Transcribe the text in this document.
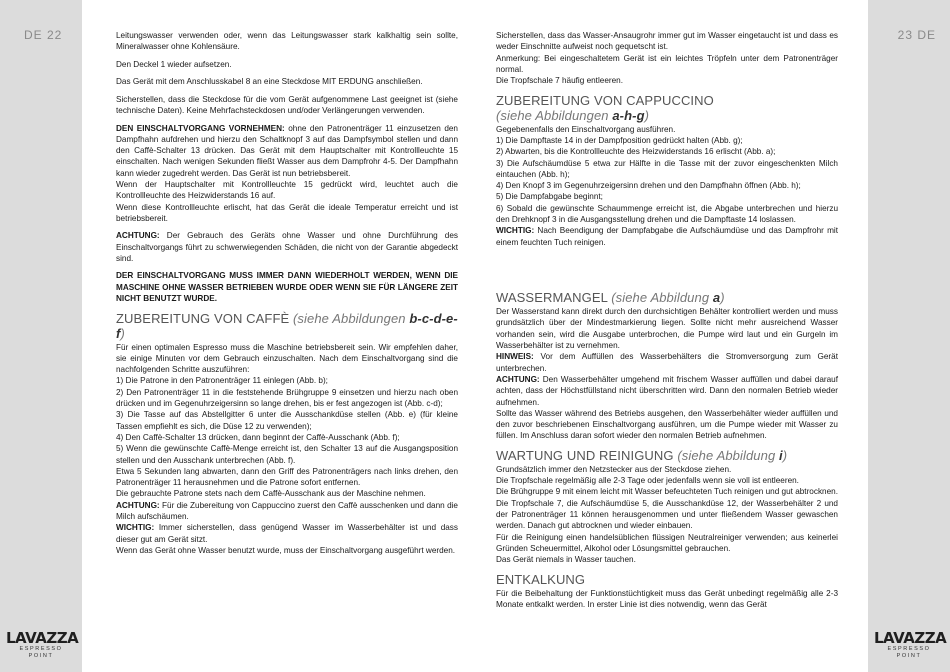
DE 22	23 DE
LAVAZZA
ESPRESSO POINT
LAVAZZA
ESPRESSO POINT

Leitungswasser verwenden oder, wenn das Leitungswasser stark kalkhaltig sein sollte, Mineralwasser ohne Kohlensäure.

Den Deckel 1 wieder aufsetzen.

Das Gerät mit dem Anschlusskabel 8 an eine Steckdose MIT ERDUNG anschließen.

Sicherstellen, dass die Steckdose für die vom Gerät aufgenommene Last geeignet ist (siehe technische Daten). Keine Mehrfachsteckdosen und/oder Verlängerungen verwenden.

DEN EINSCHALTVORGANG VORNEHMEN: ohne den Patronenträger 11 einzusetzen den Dampfhahn aufdrehen und hierzu den Schaltknopf 3 auf das Dampfsymbol stellen und dann den Caffè-Schalter 13 drücken. Das Gerät mit dem Hauptschalter mit Kontrollleuchte 15 einschalten. Nach wenigen Sekunden fließt Wasser aus dem Dampfrohr 4-5. Der Dampfhahn kann wieder zugedreht werden. Das Gerät ist nun betriebsbereit.

Wenn der Hauptschalter mit Kontrollleuchte 15 gedrückt wird, leuchtet auch die Kontrollleuchte des Heizwiderstands 16 auf.

Wenn diese Kontrollleuchte erlischt, hat das Gerät die ideale Temperatur erreicht und ist betriebsbereit.

ACHTUNG: Der Gebrauch des Geräts ohne Wasser und ohne Durchführung des Einschaltvorgangs führt zu schwerwiegenden Schäden, die nicht von der Garantie abgedeckt sind.

DER EINSCHALTVORGANG MUSS IMMER DANN WIEDERHOLT WERDEN, WENN DIE MASCHINE OHNE WASSER BETRIEBEN WURDE ODER WENN SIE FÜR LÄNGERE ZEIT NICHT BENUTZT WURDE.

ZUBEREITUNG VON CAFFÈ (siehe Abbildungen b-c-d-e-f)

Für einen optimalen Espresso muss die Maschine betriebsbereit sein. Wir empfehlen daher, sie einige Minuten vor dem Gebrauch einzuschalten. Nach dem Einschaltvorgang sind die nachfolgenden Schritte auszuführen:

1) Die Patrone in den Patronenträger 11 einlegen (Abb. b);

2) Den Patronenträger 11 in die feststehende Brühgruppe 9 einsetzen und hierzu nach oben drücken und im Gegenuhrzeigersinn so lange drehen, bis er fest angezogen ist (Abb. c-d);

3) Die Tasse auf das Abstellgitter 6 unter die Ausschankdüse stellen (Abb. e) (für kleine Tassen empfiehlt es sich, die Düse 12 zu verwenden);

4) Den Caffè-Schalter 13 drücken, dann beginnt der Caffè-Ausschank (Abb. f);

5) Wenn die gewünschte Caffè-Menge erreicht ist, den Schalter 13 auf die Ausgangsposition stellen und den Ausschank unterbrechen (Abb. f).

Etwa 5 Sekunden lang abwarten, dann den Griff des Patronenträgers nach links drehen, den Patronenträger 11 herausnehmen und die Patrone sofort entfernen.

Die gebrauchte Patrone stets nach dem Caffè-Ausschank aus der Maschine nehmen.

ACHTUNG: Für die Zubereitung von Cappuccino zuerst den Caffè ausschenken und dann die Milch aufschäumen.

WICHTIG: Immer sicherstellen, dass genügend Wasser im Wasserbehälter ist und dass dieser gut am Gerät sitzt.

Wenn das Gerät ohne Wasser benutzt wurde, muss der Einschaltvorgang ausgeführt werden.

Sicherstellen, dass das Wasser-Ansaugrohr immer gut im Wasser eingetaucht ist und dass es weder Einschnitte aufweist noch gequetscht ist.

Anmerkung: Bei eingeschaltetem Gerät ist ein leichtes Tröpfeln unter dem Patronenträger normal.

Die Tropfschale 7 häufig entleeren.

ZUBEREITUNG VON CAPPUCCINO
(siehe Abbildungen a-h-g)

Gegebenenfalls den Einschaltvorgang ausführen.

1) Die Dampftaste 14 in der Dampfposition gedrückt halten (Abb. g);

2) Abwarten, bis die Kontrollleuchte des Heizwiderstands 16 erlischt (Abb. a);

3) Die Aufschäumdüse 5 etwa zur Hälfte in die Tasse mit der zuvor eingeschenkten Milch eintauchen (Abb. h);

4) Den Knopf 3 im Gegenuhrzeigersinn drehen und den Dampfhahn öffnen (Abb. h);

5) Die Dampfabgabe beginnt;

6) Sobald die gewünschte Schaummenge erreicht ist, die Abgabe unterbrechen und hierzu den Drehknopf 3 in die Ausgangsstellung drehen und die Dampftaste 14 loslassen.

WICHTIG: Nach Beendigung der Dampfabgabe die Aufschäumdüse und das Dampfrohr mit einem feuchten Tuch reinigen.

WASSERMANGEL (siehe Abbildung a)

Der Wasserstand kann direkt durch den durchsichtigen Behälter kontrolliert werden und muss grundsätzlich über der Mindestmarkierung liegen. Sollte nicht mehr ausreichend Wasser vorhanden sein, wird die Ausgabe unterbrochen, die Pumpe wird laut und ein Gurgeln im Wasserbehälter ist zu vernehmen.

HINWEIS: Vor dem Auffüllen des Wasserbehälters die Stromversorgung zum Gerät unterbrechen.

ACHTUNG: Den Wasserbehälter umgehend mit frischem Wasser auffüllen und dabei darauf achten, dass der Höchstfüllstand nicht überschritten wird. Dann den normalen Betrieb wieder aufnehmen.

Sollte das Wasser während des Betriebs ausgehen, den Wasserbehälter wieder auffüllen und den zuvor beschriebenen Einschaltvorgang ausführen, um die Pumpe wieder mit Wasser zu füllen. Im Anschluss daran sofort wieder den normalen Betrieb aufnehmen.

WARTUNG UND REINIGUNG (siehe Abbildung i)

Grundsätzlich immer den Netzstecker aus der Steckdose ziehen.

Die Tropfschale regelmäßig alle 2-3 Tage oder jedenfalls wenn sie voll ist entleeren.

Die Brühgruppe 9 mit einem leicht mit Wasser befeuchteten Tuch reinigen und gut abtrocknen. Die Tropfschale 7, die Aufschäumdüse 5, die Ausschankdüse 12, der Wasserbehälter 2 und der Patronenträger 11 können herausgenommen und unter fließendem Wasser gewaschen werden. Danach gut abtrocknen und wieder einbauen.

Für die Reinigung einen handelsüblichen flüssigen Neutralreiniger verwenden; aus keinerlei Gründen Scheuermittel, Alkohol oder Lösungsmittel gebrauchen.

Das Gerät niemals in Wasser tauchen.

ENTKALKUNG

Für die Beibehaltung der Funktionstüchtigkeit muss das Gerät unbedingt regelmäßig alle 2-3 Monate entkalkt werden. In erster Linie ist dies notwendig, wenn das Gerät
